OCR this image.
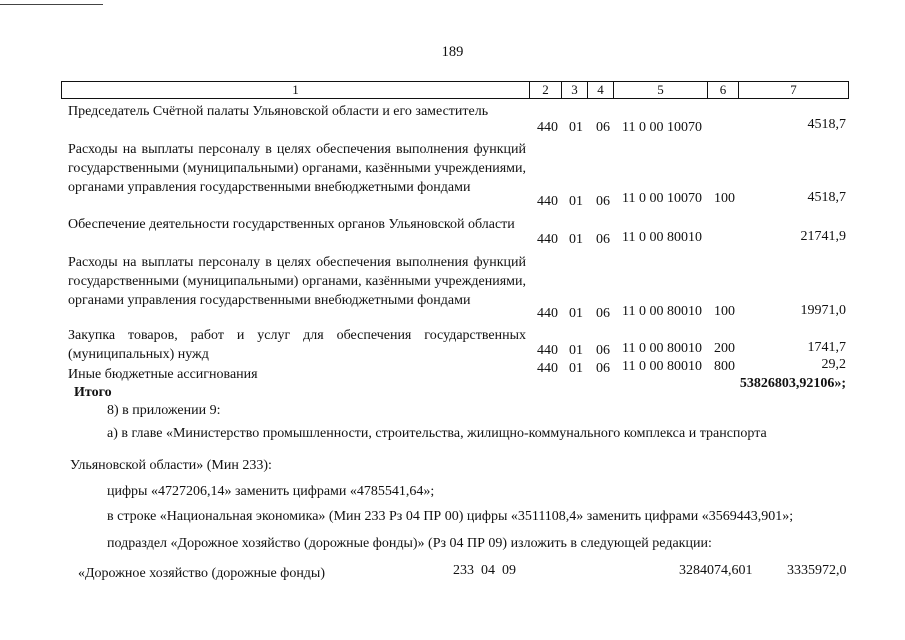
189
1	2	3	4	5	6	7
Председатель Счётной палаты Ульяновской области и его заместитель
440 01 06 11 0 00 10070	4518,7
Расходы на выплаты персоналу в целях обеспечения выполнения функций государственными (муниципальными) органами, казёнными учреждениями, органами управления государственными внебюджетными фондами
440 01 06 11 0 00 10070 100	4518,7
Обеспечение деятельности государственных органов Ульяновской области
440 01 06 11 0 00 80010	21741,9
Расходы на выплаты персоналу в целях обеспечения выполнения функций государственными (муниципальными) органами, казёнными учреждениями, органами управления государственными внебюджетными фондами
440 01 06 11 0 00 80010 100	19971,0
Закупка товаров, работ и услуг для обеспечения государственных (муниципальных) нужд	440 01 06 11 0 00 80010 200	1741,7
Иные бюджетные ассигнования	440 01 06 11 0 00 80010 800	29,2
Итого
53826803,92106»;
8) в приложении 9:
а) в главе «Министерство промышленности, строительства, жилищно-коммунального комплекса и транспорта
Ульяновской области» (Мин 233):
цифры «4727206,14» заменить цифрами «4785541,64»;
в строке «Национальная экономика» (Мин 233 Рз 04 ПР 00) цифры «3511108,4» заменить цифрами «3569443,901»;
подраздел «Дорожное хозяйство (дорожные фонды)» (Рз 04 ПР 09) изложить в следующей редакции:
«Дорожное хозяйство (дорожные фонды)	233  04  09	3284074,601 3335972,0
